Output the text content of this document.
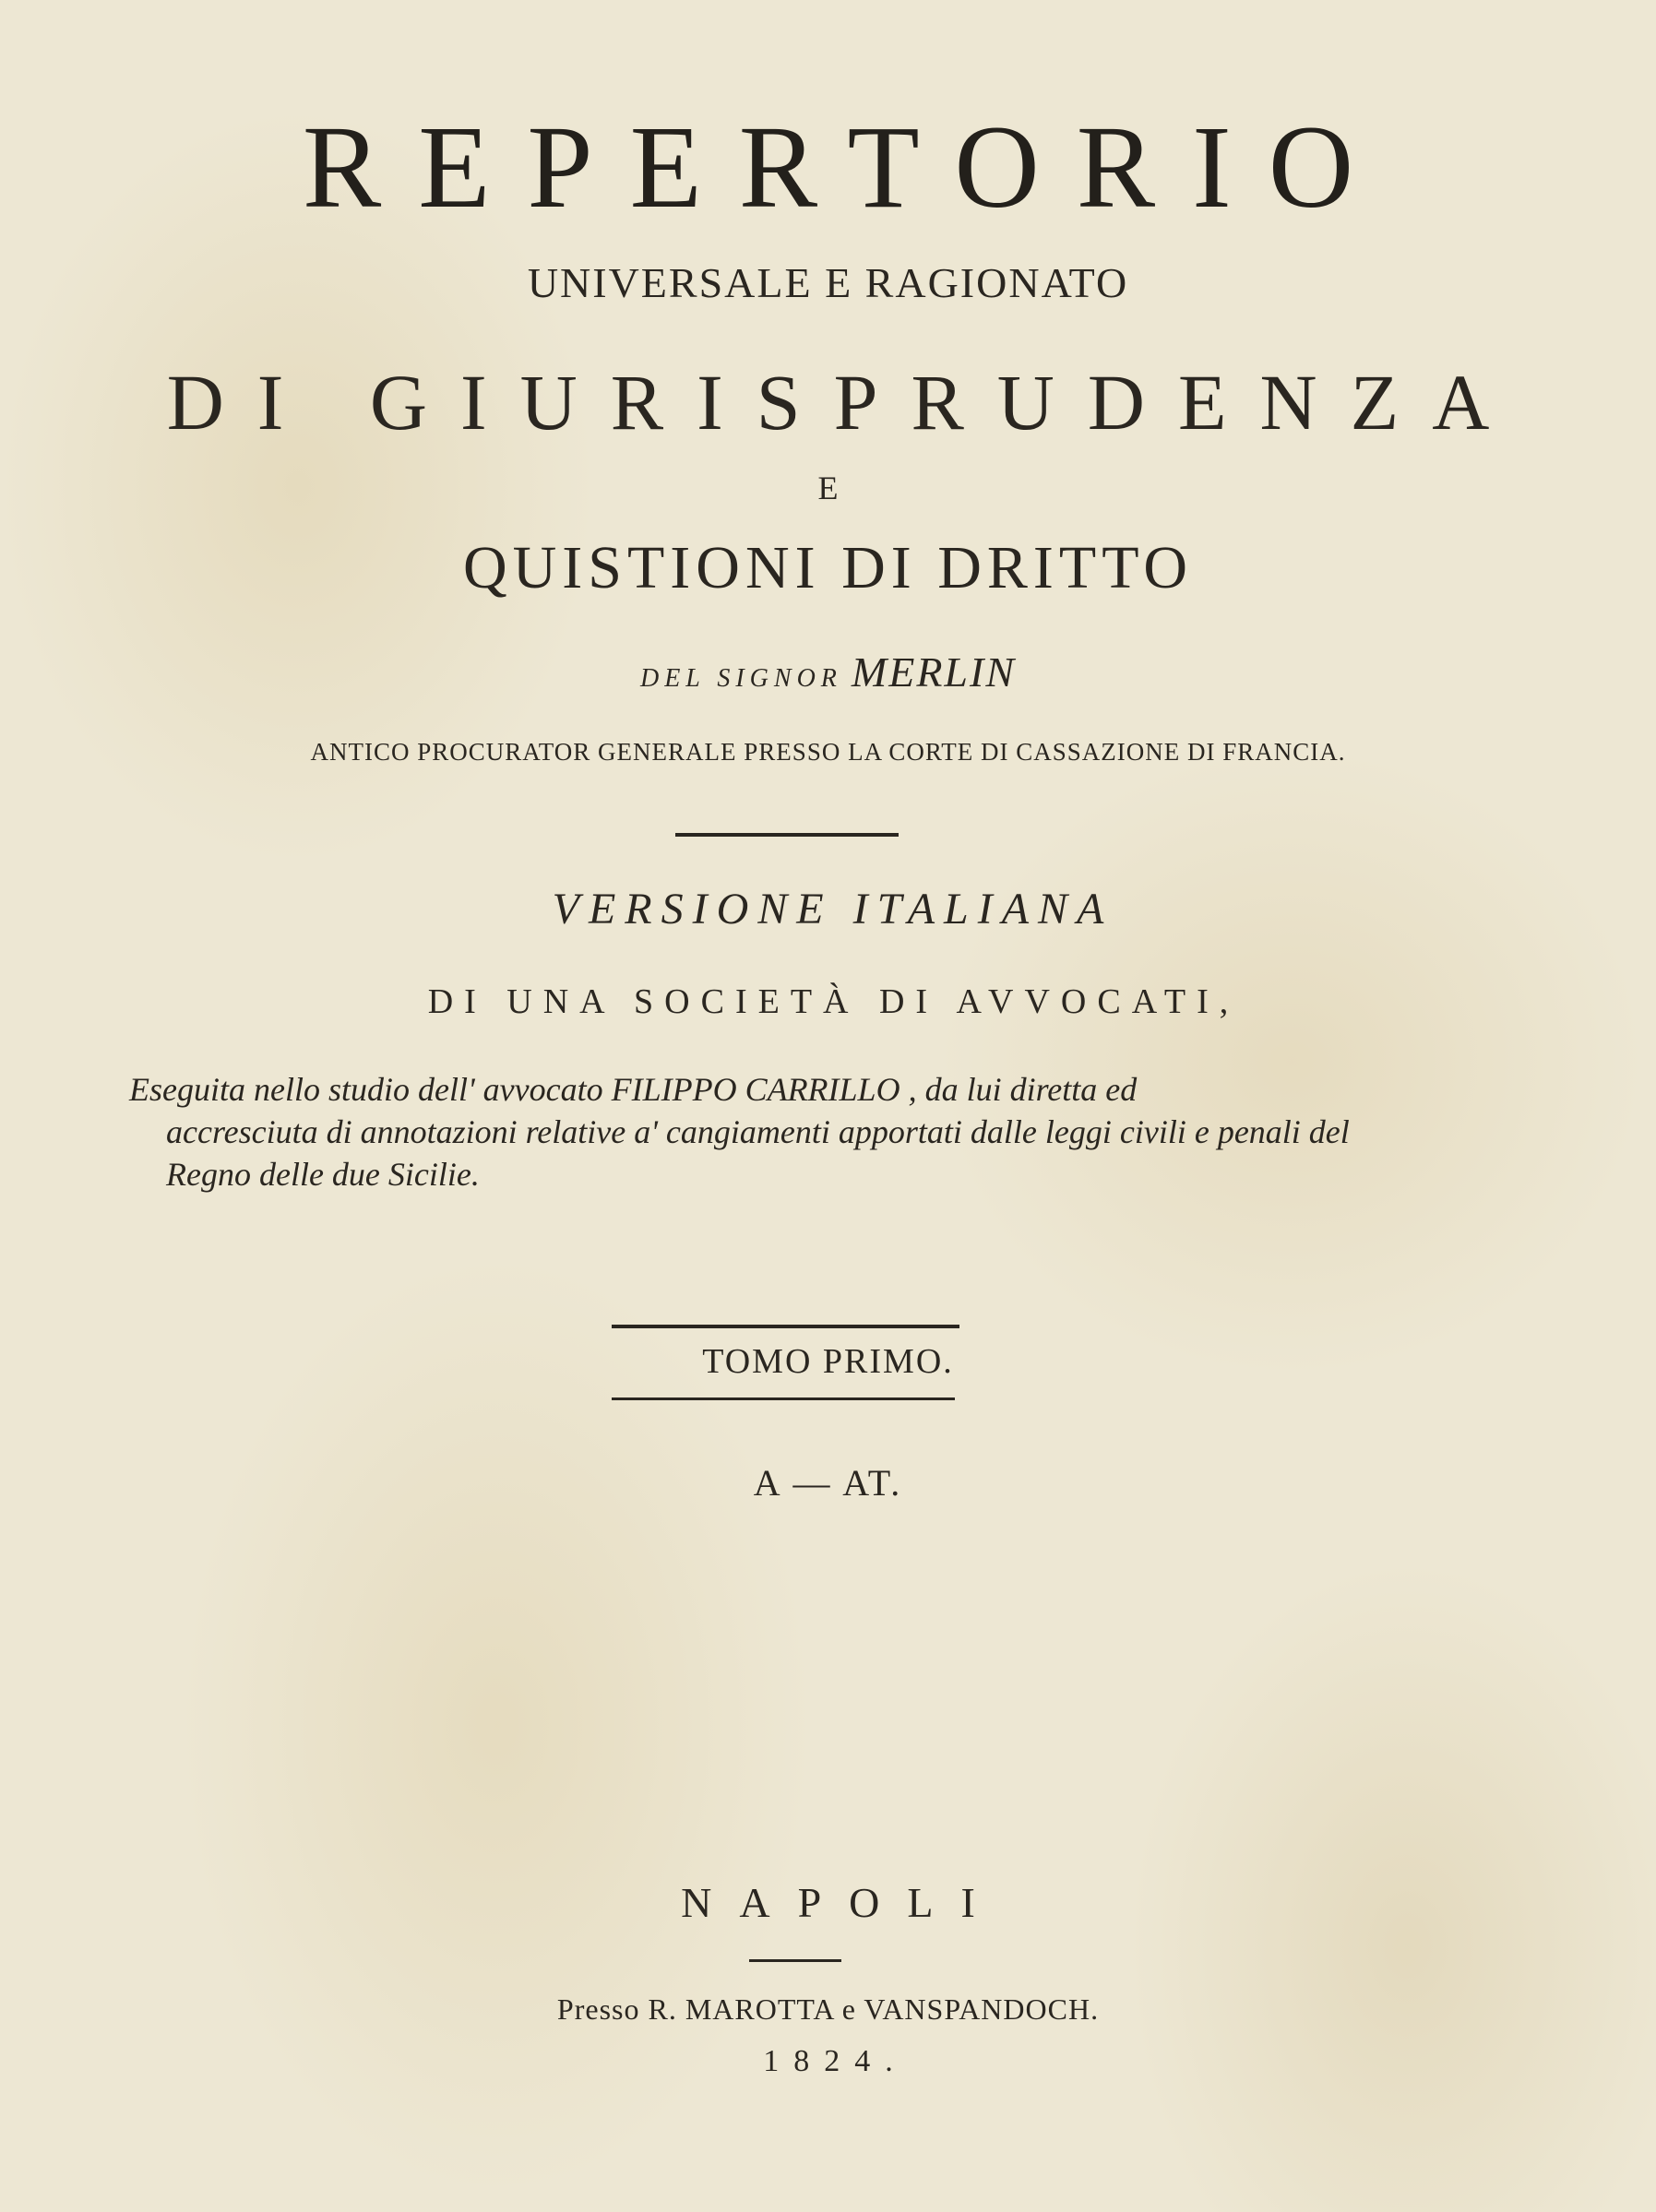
REPERTORIO
UNIVERSALE E RAGIONATO
DI GIURISPRUDENZA
E
QUISTIONI DI DRITTO
DEL SIGNOR MERLIN
ANTICO PROCURATOR GENERALE PRESSO LA CORTE DI CASSAZIONE DI FRANCIA.
VERSIONE ITALIANA
DI UNA SOCIETÀ DI AVVOCATI,
Eseguita nello studio dell' avvocato FILIPPO CARRILLO , da lui diretta ed
accresciuta di annotazioni relative a' cangiamenti apportati dalle leggi civili e penali del Regno delle due Sicilie.
TOMO PRIMO.
A — AT.
NAPOLI
Presso R. MAROTTA e VANSPANDOCH.
1824.
